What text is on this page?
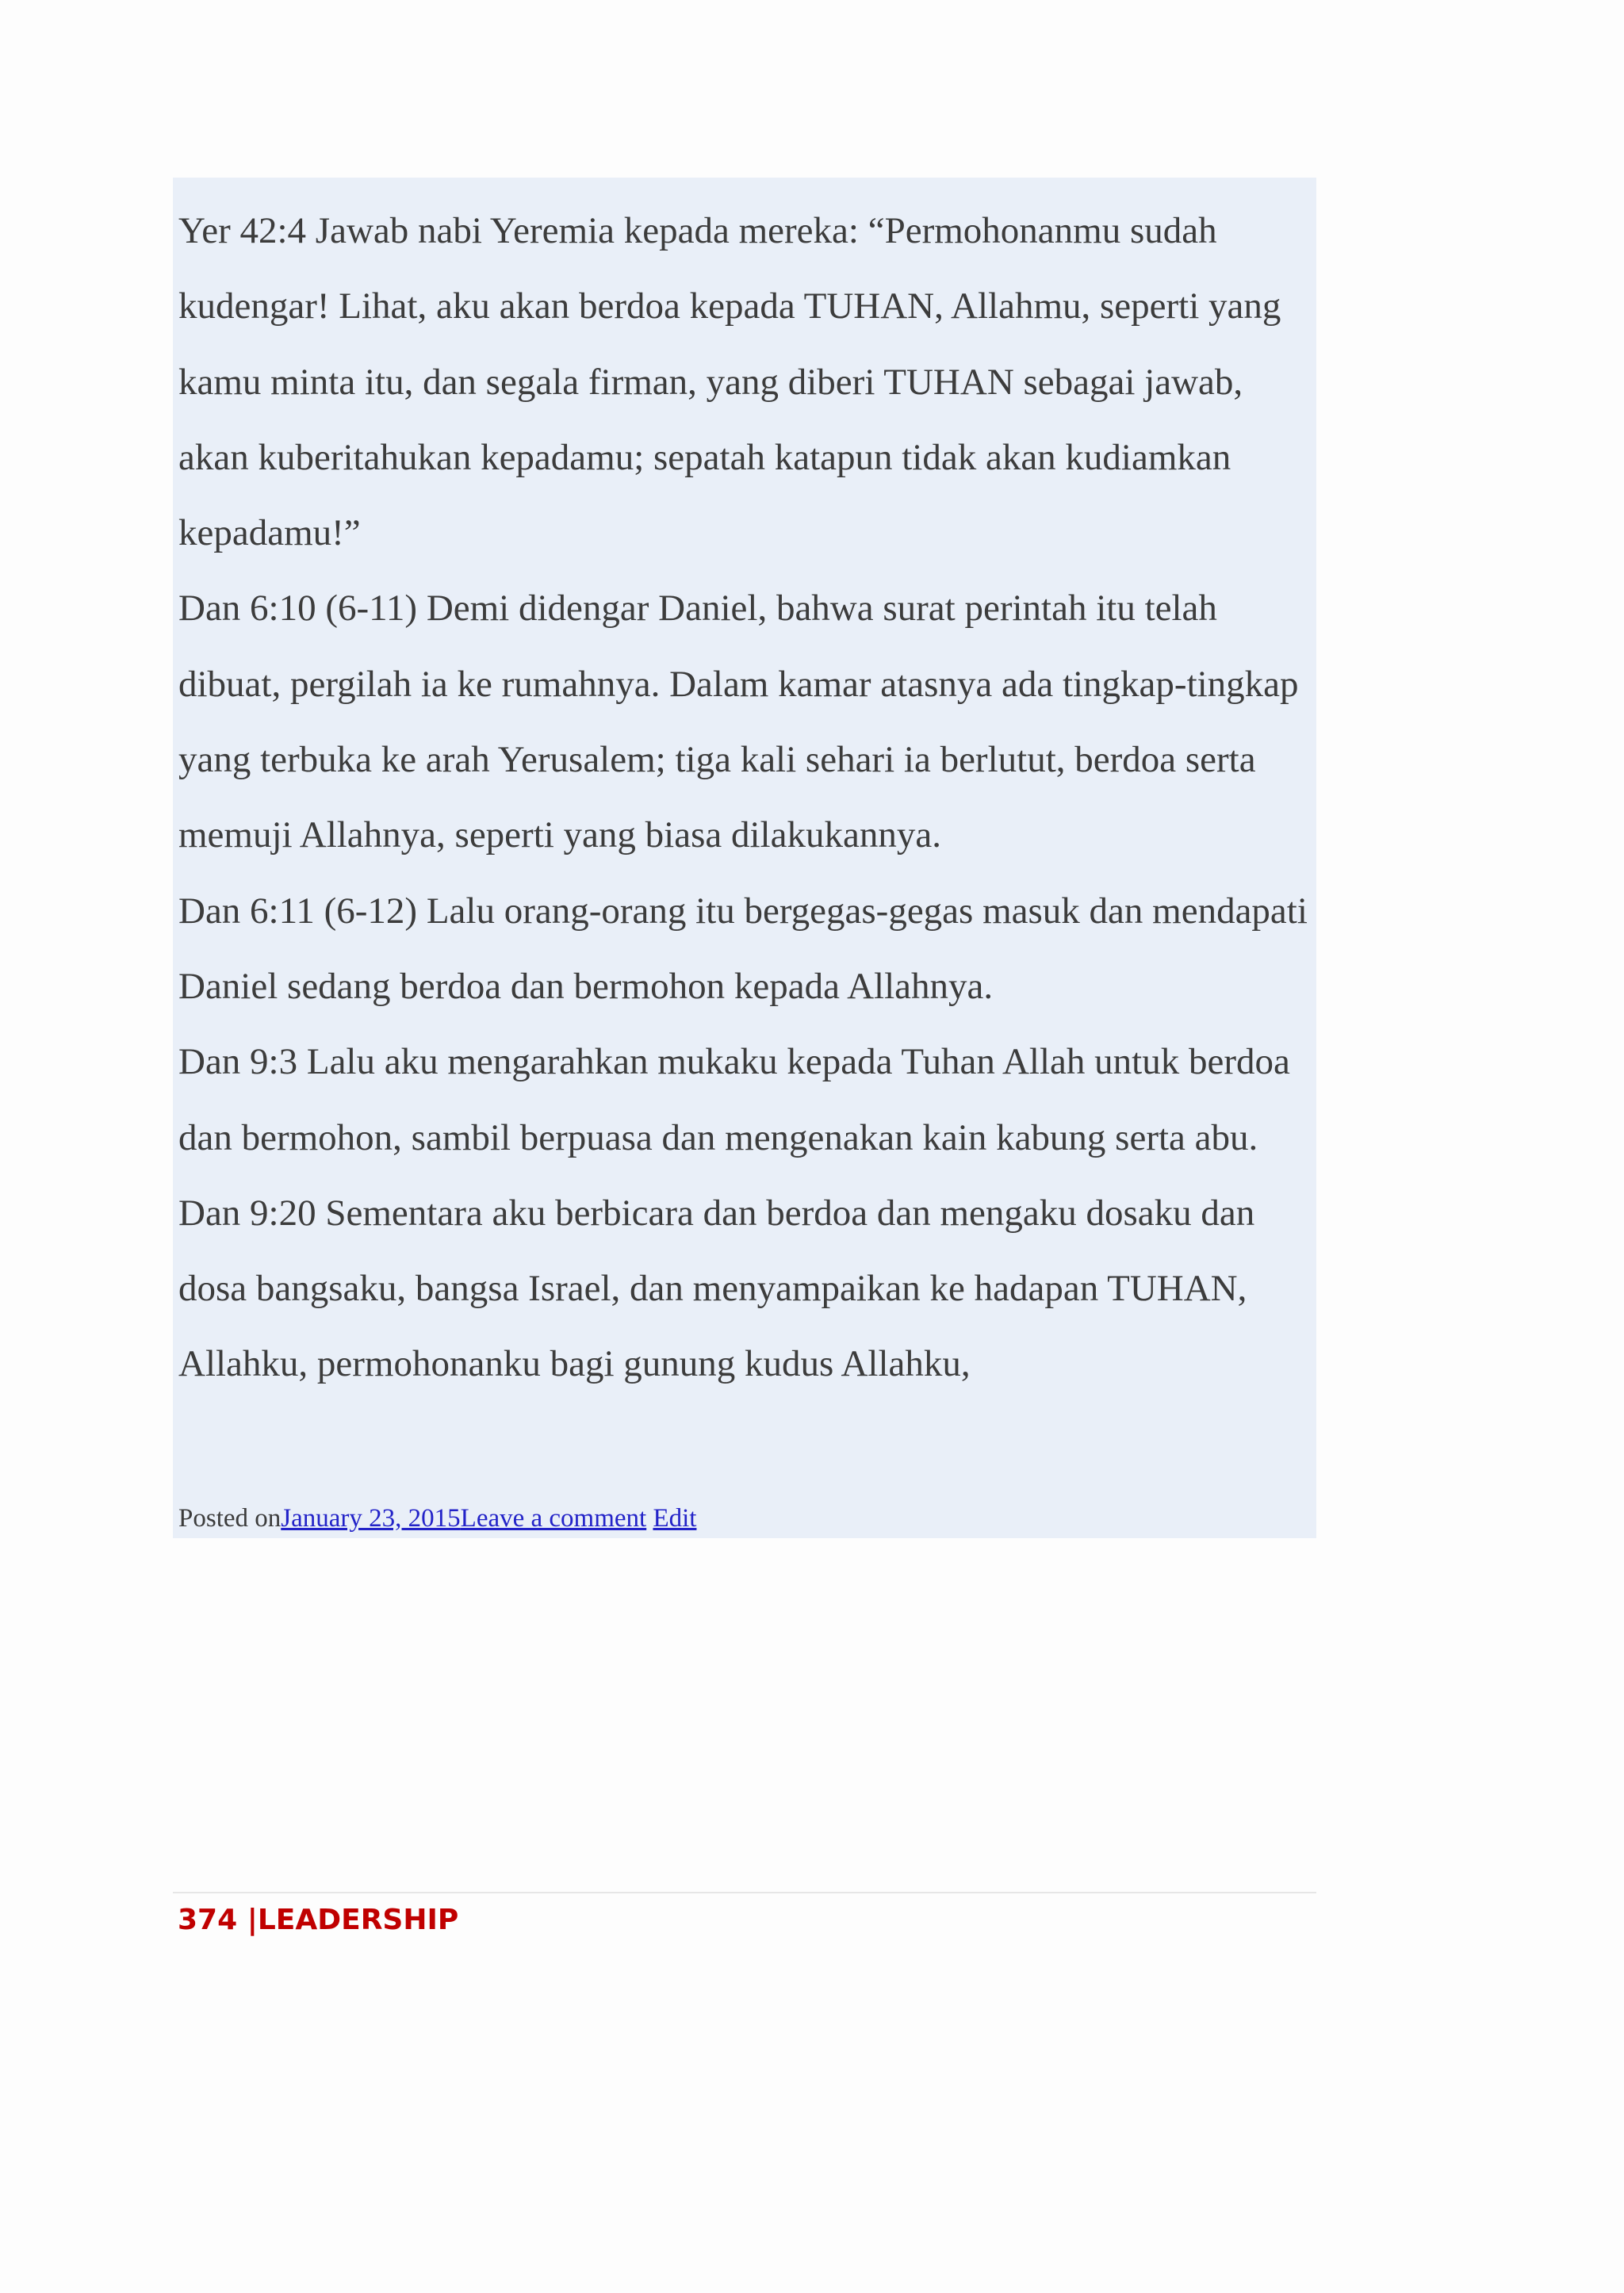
Yer 42:4 Jawab nabi Yeremia kepada mereka: “Permohonanmu sudah kudengar! Lihat, aku akan berdoa kepada TUHAN, Allahmu, seperti yang kamu minta itu, dan segala firman, yang diberi TUHAN sebagai jawab, akan kuberitahukan kepadamu; sepatah katapun tidak akan kudiamkan kepadamu!”

Dan 6:10 (6-11) Demi didengar Daniel, bahwa surat perintah itu telah dibuat, pergilah ia ke rumahnya. Dalam kamar atasnya ada tingkap-tingkap yang terbuka ke arah Yerusalem; tiga kali sehari ia berlutut, berdoa serta memuji Allahnya, seperti yang biasa dilakukannya.

Dan 6:11 (6-12) Lalu orang-orang itu bergegas-gegas masuk dan mendapati Daniel sedang berdoa dan bermohon kepada Allahnya.

Dan 9:3 Lalu aku mengarahkan mukaku kepada Tuhan Allah untuk berdoa dan bermohon, sambil berpuasa dan mengenakan kain kabung serta abu.

Dan 9:20 Sementara aku berbicara dan berdoa dan mengaku dosaku dan dosa bangsaku, bangsa Israel, dan menyampaikan ke hadapan TUHAN, Allahku, permohonanku bagi gunung kudus Allahku,

Posted onJanuary 23, 2015Leave a comment Edit
374 |LEADERSHIP
